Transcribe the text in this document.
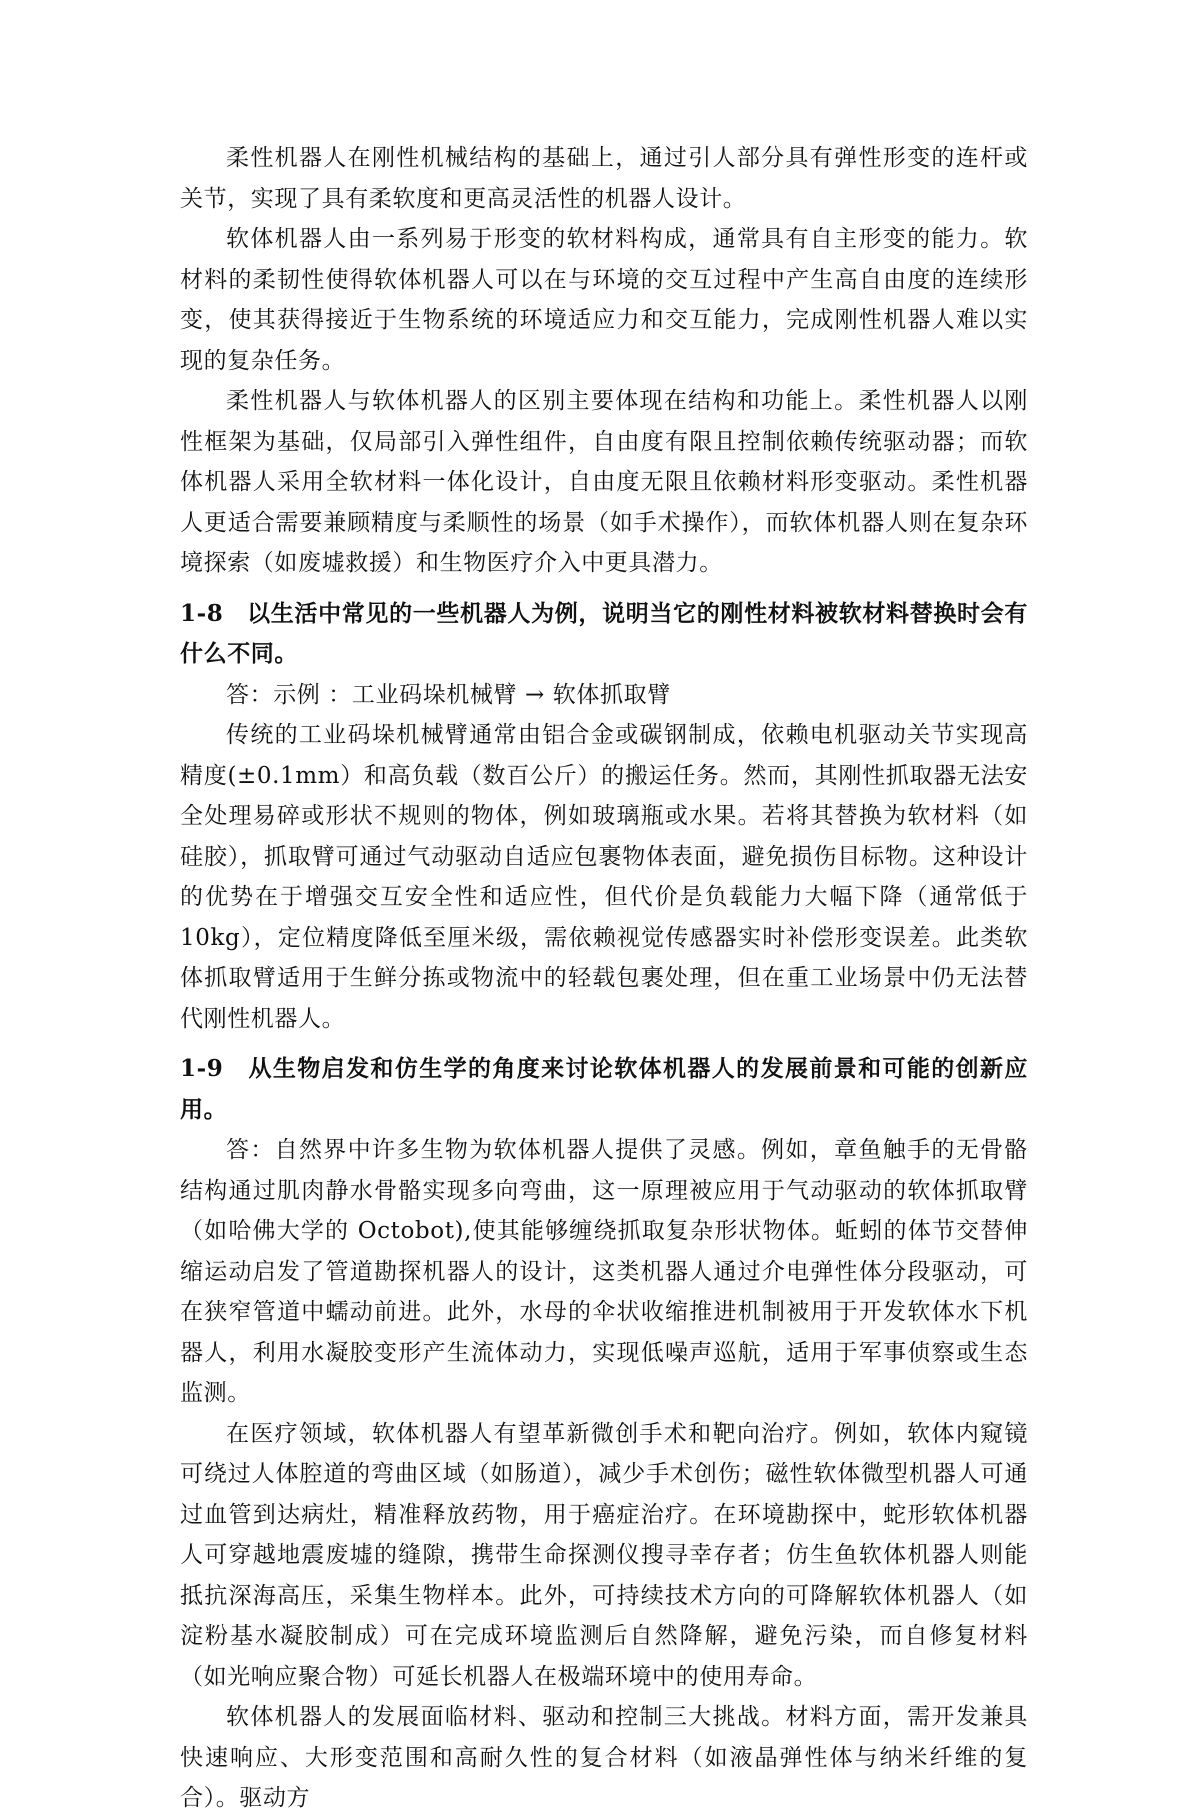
柔性机器人在刚性机械结构的基础上，通过引人部分具有弹性形变的连杆或关节，实现了具有柔软度和更高灵活性的机器人设计。

软体机器人由一系列易于形变的软材料构成，通常具有自主形变的能力。软材料的柔韧性使得软体机器人可以在与环境的交互过程中产生高自由度的连续形变，使其获得接近于生物系统的环境适应力和交互能力，完成刚性机器人难以实现的复杂任务。

柔性机器人与软体机器人的区别主要体现在结构和功能上。柔性机器人以刚性框架为基础，仅局部引入弹性组件，自由度有限且控制依赖传统驱动器；而软体机器人采用全软材料一体化设计，自由度无限且依赖材料形变驱动。柔性机器人更适合需要兼顾精度与柔顺性的场景（如手术操作），而软体机器人则在复杂环境探索（如废墟救援）和生物医疗介入中更具潜力。

1-8　以生活中常见的一些机器人为例，说明当它的刚性材料被软材料替换时会有什么不同。

答：示例 ：工业码垛机械臂 → 软体抓取臂

传统的工业码垛机械臂通常由铝合金或碳钢制成，依赖电机驱动关节实现高精度(±0.1mm）和高负载（数百公斤）的搬运任务。然而，其刚性抓取器无法安全处理易碎或形状不规则的物体，例如玻璃瓶或水果。若将其替换为软材料（如 硅胶），抓取臂可通过气动驱动自适应包裹物体表面，避免损伤目标物。这种设计的优势在于增强交互安全性和适应性，但代价是负载能力大幅下降（通常低于 10kg），定位精度降低至厘米级，需依赖视觉传感器实时补偿形变误差。此类软体抓取臂适用于生鲜分拣或物流中的轻载包裹处理，但在重工业场景中仍无法替代刚性机器人。

1-9　从生物启发和仿生学的角度来讨论软体机器人的发展前景和可能的创新应用。

答：自然界中许多生物为软体机器人提供了灵感。例如，章鱼触手的无骨骼结构通过肌肉静水骨骼实现多向弯曲，这一原理被应用于气动驱动的软体抓取臂（如哈佛大学的 Octobot),使其能够缠绕抓取复杂形状物体。蚯蚓的体节交替伸缩运动启发了管道勘探机器人的设计，这类机器人通过介电弹性体分段驱动，可在狭窄管道中蠕动前进。此外，水母的伞状收缩推进机制被用于开发软体水下机器人，利用水凝胶变形产生流体动力，实现低噪声巡航，适用于军事侦察或生态监测。

在医疗领域，软体机器人有望革新微创手术和靶向治疗。例如，软体内窥镜可绕过人体腔道的弯曲区域（如肠道），减少手术创伤；磁性软体微型机器人可通过血管到达病灶，精准释放药物，用于癌症治疗。在环境勘探中，蛇形软体机器人可穿越地震废墟的缝隙，携带生命探测仪搜寻幸存者；仿生鱼软体机器人则能抵抗深海高压，采集生物样本。此外，可持续技术方向的可降解软体机器人（如淀粉基水凝胶制成）可在完成环境监测后自然降解，避免污染，而自修复材料（如光响应聚合物）可延长机器人在极端环境中的使用寿命。

软体机器人的发展面临材料、驱动和控制三大挑战。材料方面，需开发兼具快速响应、大形变范围和高耐久性的复合材料（如液晶弹性体与纳米纤维的复合）。驱动方
